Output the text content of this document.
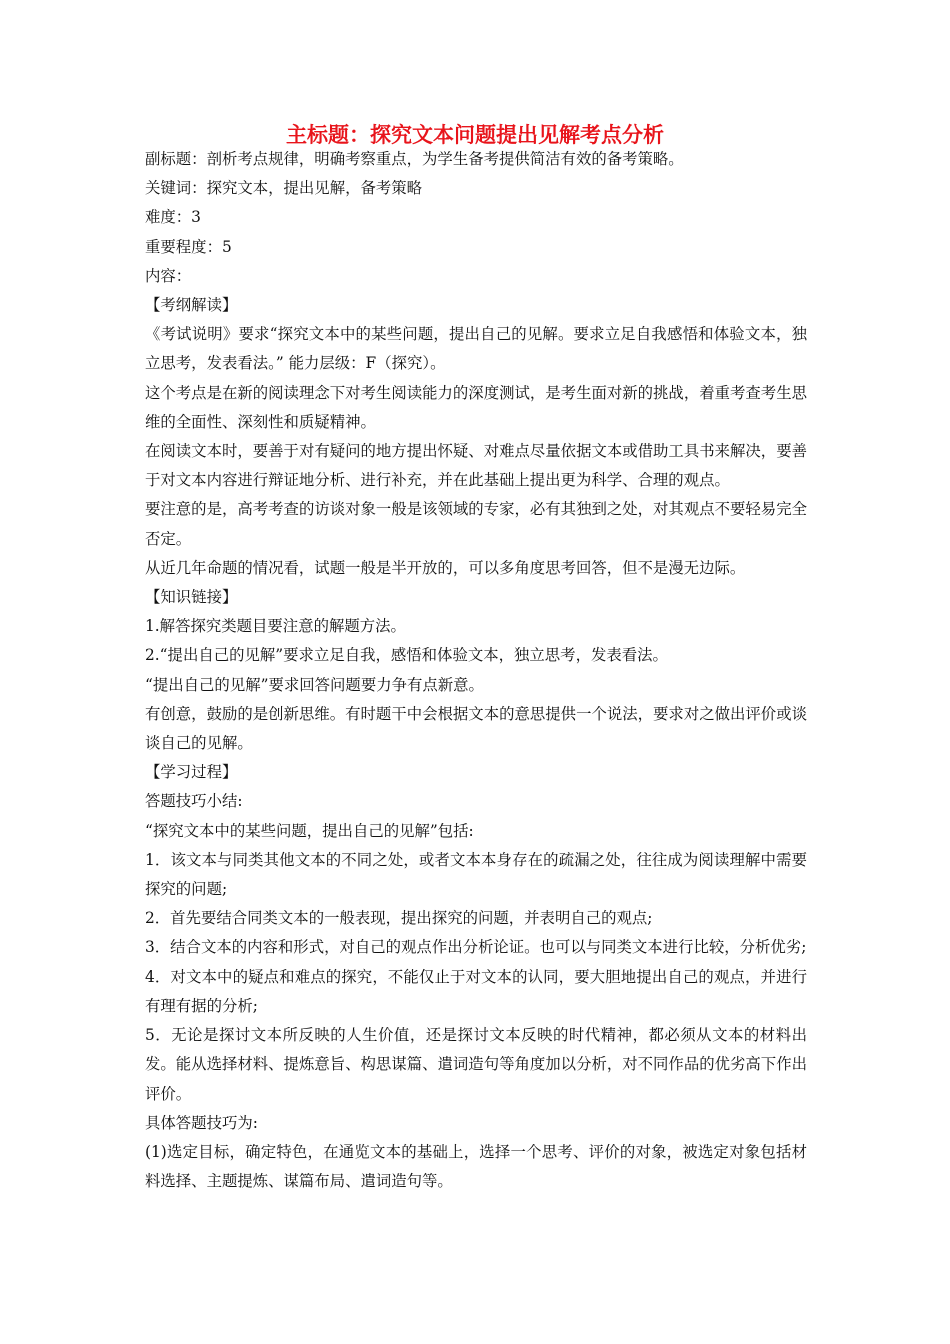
主标题：探究文本问题提出见解考点分析

副标题：剖析考点规律，明确考察重点，为学生备考提供简洁有效的备考策略。

关键词：探究文本，提出见解，备考策略

难度：3

重要程度：5

内容：

【考纲解读】

《考试说明》要求“探究文本中的某些问题，提出自己的见解。要求立足自我感悟和体验文本，独立思考，发表看法。” 能力层级：F（探究）。

这个考点是在新的阅读理念下对考生阅读能力的深度测试，是考生面对新的挑战，着重考查考生思维的全面性、深刻性和质疑精神。

在阅读文本时，要善于对有疑问的地方提出怀疑、对难点尽量依据文本或借助工具书来解决，要善于对文本内容进行辩证地分析、进行补充，并在此基础上提出更为科学、合理的观点。

要注意的是，高考考查的访谈对象一般是该领域的专家，必有其独到之处，对其观点不要轻易完全否定。

从近几年命题的情况看，试题一般是半开放的，可以多角度思考回答，但不是漫无边际。

【知识链接】

1.解答探究类题目要注意的解题方法。

2.“提出自己的见解”要求立足自我，感悟和体验文本，独立思考，发表看法。

“提出自己的见解”要求回答问题要力争有点新意。

有创意，鼓励的是创新思维。有时题干中会根据文本的意思提供一个说法，要求对之做出评价或谈谈自己的见解。

【学习过程】

答题技巧小结:

“探究文本中的某些问题，提出自己的见解”包括:

1．该文本与同类其他文本的不同之处，或者文本本身存在的疏漏之处，往往成为阅读理解中需要探究的问题;

2．首先要结合同类文本的一般表现，提出探究的问题，并表明自己的观点;

3．结合文本的内容和形式，对自己的观点作出分析论证。也可以与同类文本进行比较，分析优劣;

4．对文本中的疑点和难点的探究，不能仅止于对文本的认同，要大胆地提出自己的观点，并进行有理有据的分析;

5．无论是探讨文本所反映的人生价值，还是探讨文本反映的时代精神，都必须从文本的材料出发。能从选择材料、提炼意旨、构思谋篇、遣词造句等角度加以分析，对不同作品的优劣高下作出评价。

具体答题技巧为:

(1)选定目标，确定特色，在通览文本的基础上，选择一个思考、评价的对象，被选定对象包括材料选择、主题提炼、谋篇布局、遣词造句等。
